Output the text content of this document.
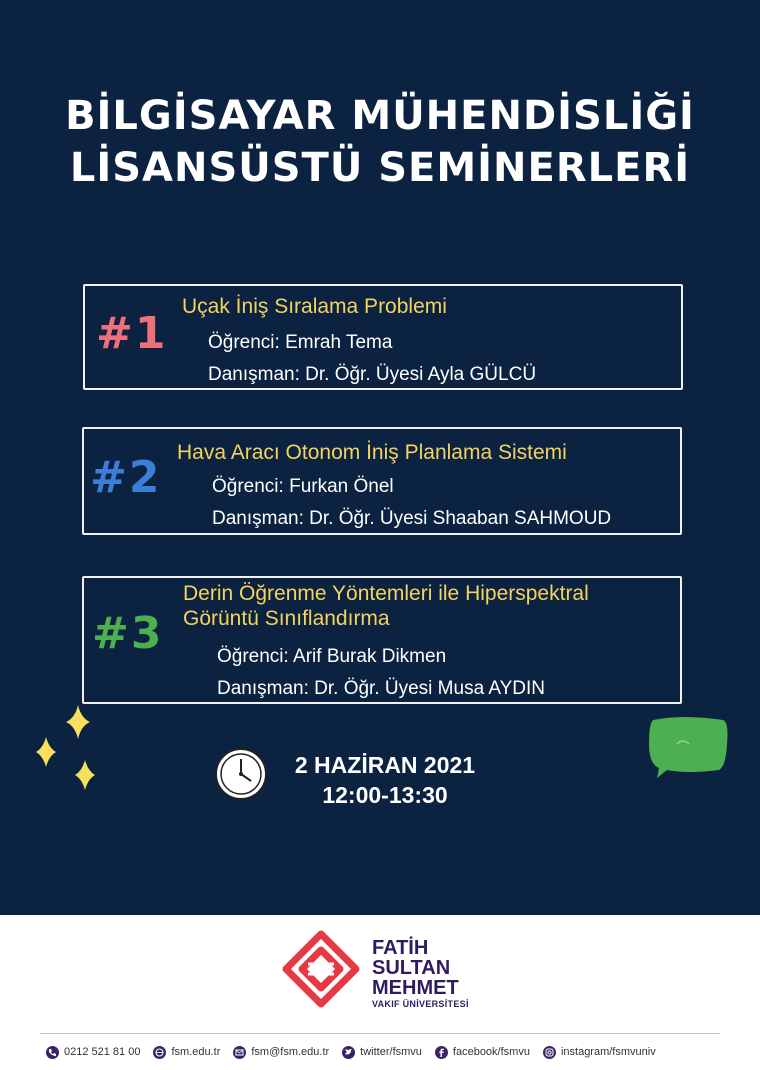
BİLGİSAYAR MÜHENDİSLİĞİ
LİSANSÜSTÜ SEMİNERLERİ
#1
Uçak İniş Sıralama Problemi
Öğrenci: Emrah Tema
Danışman: Dr. Öğr. Üyesi Ayla GÜLCÜ
#2 Hava Aracı Otonom İniş Planlama Sistemi
Öğrenci: Furkan Önel
Danışman: Dr. Öğr. Üyesi Shaaban SAHMOUD
#3
Derin Öğrenme Yöntemleri ile Hiperspektral
Görüntü Sınıflandırma
Öğrenci: Arif Burak Dikmen
Danışman: Dr. Öğr. Üyesi Musa AYDIN
2 HAZİRAN 2021
12:00-13:30
FATİH
SULTAN
MEHMET
VAKIF ÜNİVERSİTESİ
0212 521 81 00	fsm.edu.tr	fsm@fsm.edu.tr	twitter/fsmvu	facebook/fsmvu	instagram/fsmvuniv
